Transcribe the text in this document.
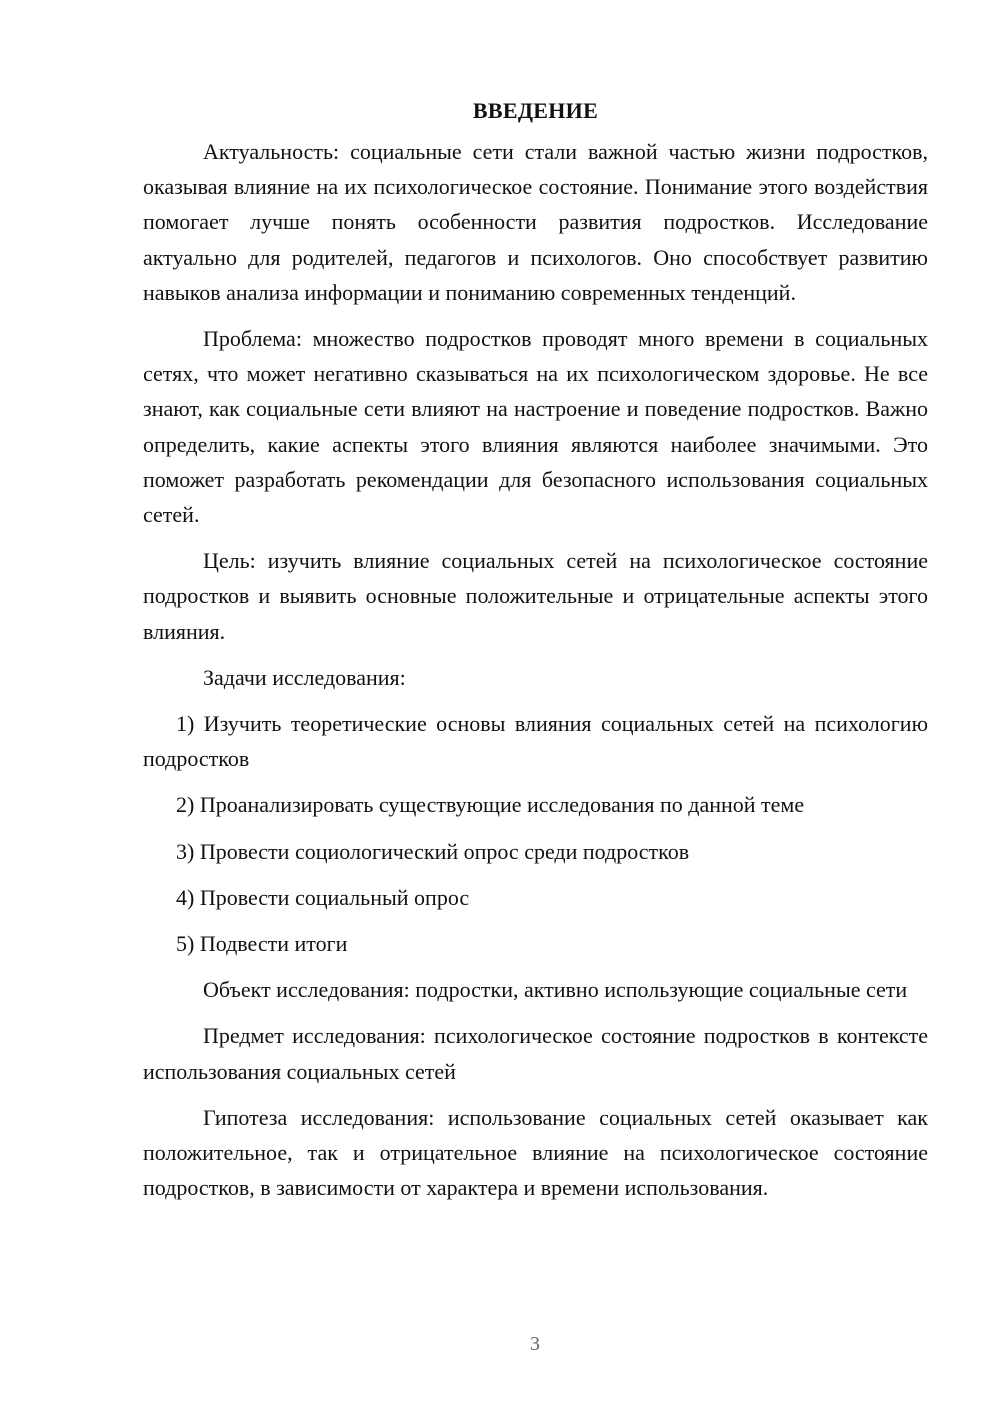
ВВЕДЕНИЕ

Актуальность: социальные сети стали важной частью жизни подростков, оказывая влияние на их психологическое состояние. Понимание этого воздействия помогает лучше понять особенности развития подростков. Исследование актуально для родителей, педагогов и психологов. Оно способствует развитию навыков анализа информации и пониманию современных тенденций.

Проблема: множество подростков проводят много времени в социальных сетях, что может негативно сказываться на их психологическом здоровье. Не все знают, как социальные сети влияют на настроение и поведение подростков. Важно определить, какие аспекты этого влияния являются наиболее значимыми. Это поможет разработать рекомендации для безопасного использования социальных сетей.

Цель: изучить влияние социальных сетей на психологическое состояние подростков и выявить основные положительные и отрицательные аспекты этого влияния.

Задачи исследования:

1) Изучить теоретические основы влияния социальных сетей на психологию подростков

2) Проанализировать существующие исследования по данной теме

3) Провести социологический опрос среди подростков

4) Провести социальный опрос

5) Подвести итоги

Объект исследования: подростки, активно использующие социальные сети

Предмет исследования: психологическое состояние подростков в контексте использования социальных сетей

Гипотеза исследования: использование социальных сетей оказывает как положительное, так и отрицательное влияние на психологическое состояние подростков, в зависимости от характера и времени использования.

3
